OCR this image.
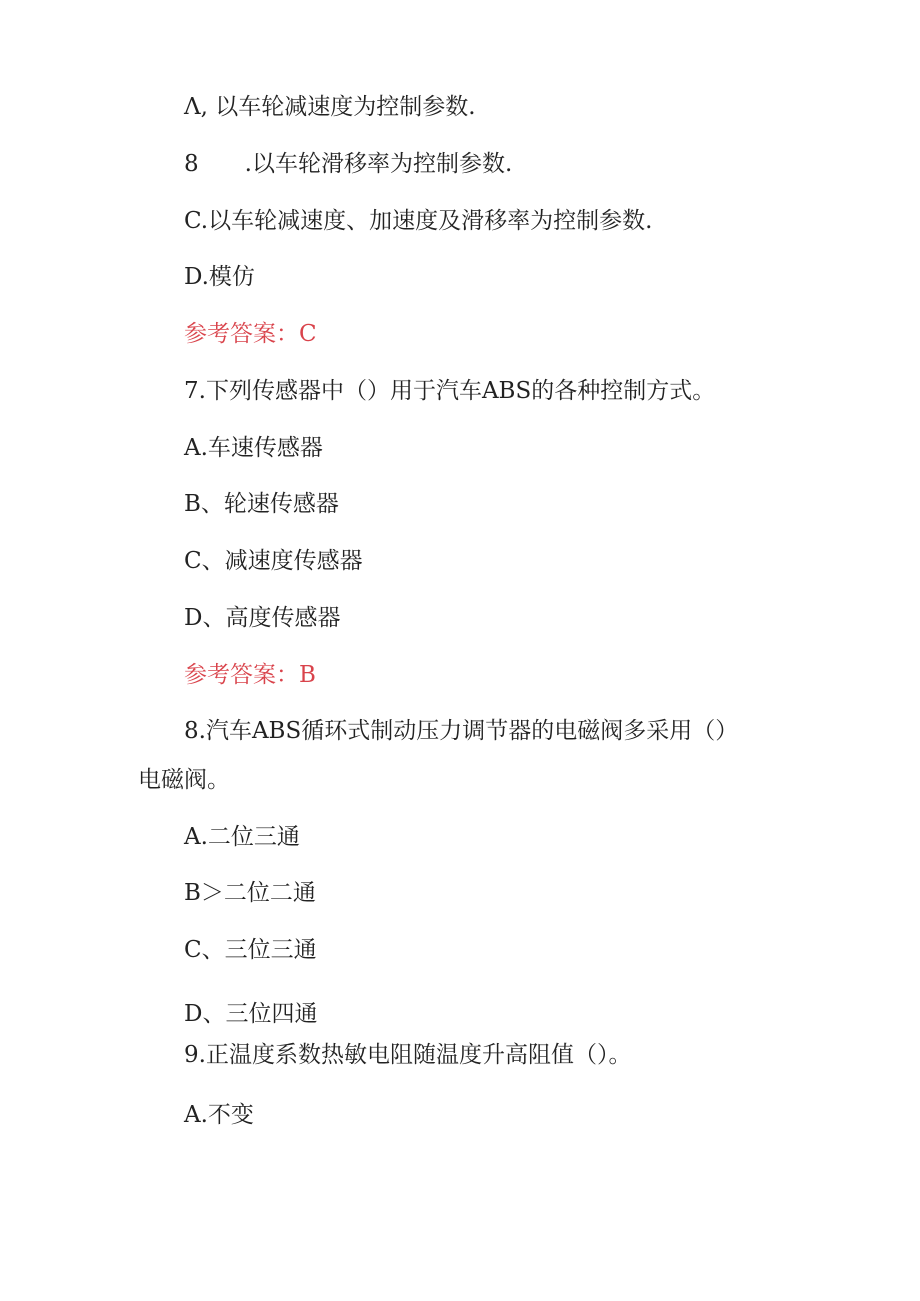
Λ, 以车轮减速度为控制参数.
8　　.以车轮滑移率为控制参数.
C.以车轮减速度、加速度及滑移率为控制参数.
D.模仿
参考答案：C
7.下列传感器中（）用于汽车ABS的各种控制方式。
A.车速传感器
B、轮速传感器
C、减速度传感器
D、高度传感器
参考答案：B
8.汽车ABS循环式制动压力调节器的电磁阀多采用（）
电磁阀。
A.二位三通
B＞二位二通
C、三位三通
D、三位四通
9.正温度系数热敏电阻随温度升高阻值（）。
A.不变
